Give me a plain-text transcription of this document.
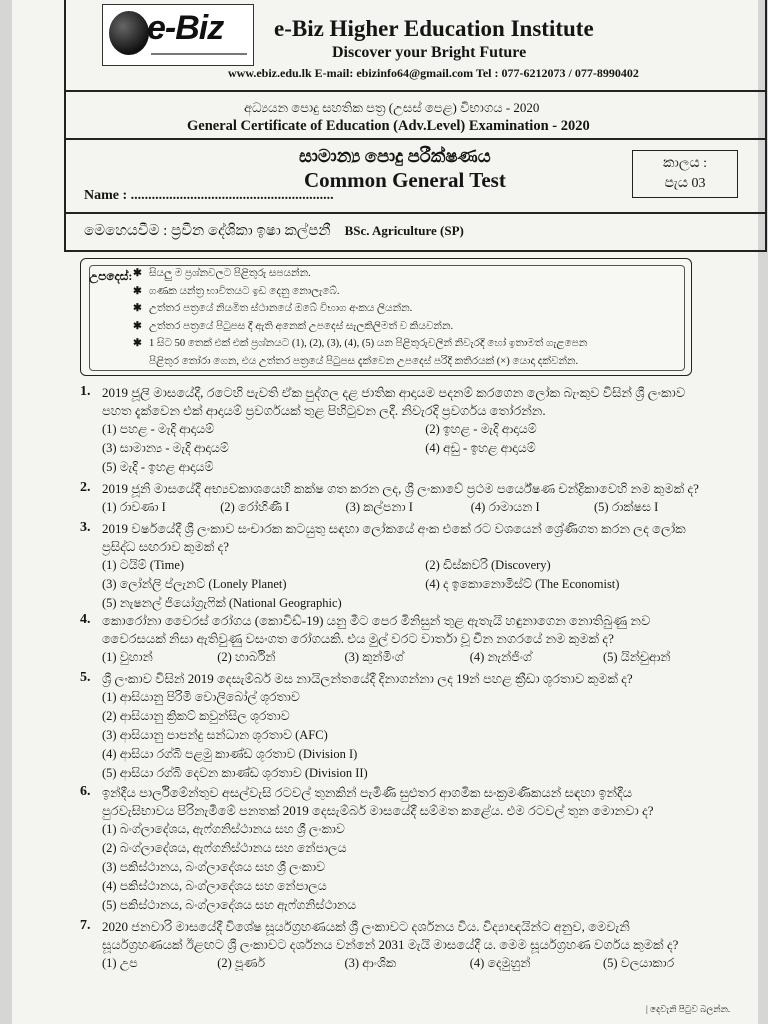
e-Biz e-Biz Higher Education Institute
Discover your Bright Future
www.ebiz.edu.lk E-mail: ebizinfo64@gmail.com Tel : 077-6212073 / 077-8990402
අධ්‍යයන පොදු සහතික පත්‍ර (උසස් පෙළ) විභාගය - 2020
General Certificate of Education (Adv.Level) Examination - 2020
සාමාන්‍ය පොදු පරීක්ෂණය
Common General Test
Name : ..........................................................
කාලය :
පැය 03
මෙහෙයවීම : ප්‍රවීන දේශිකා ඉෂා කල්පනී BSc. Agriculture (SP)
උපදෙස්: ✱ සියලු ම ප්‍රශ්නවලට පිළිතුරු සපයන්න.
✱ ගණක යන්ත්‍ර භාවිතයට ඉඩ දෙනු නොලැබේ.
✱ උත්තර පත්‍රයේ නියමිත ස්ථානයේ ඔබේ විභාග අංකය ලියන්න.
✱ උත්තර පත්‍රයේ පිටුපස දී ඇති අනෙක් උපදෙස් සැලකිලිමත් ව කියවන්න.
✱ 1 සිට 50 තෙක් එක් එක් ප්‍රශ්නයට (1), (2), (3), (4), (5) යන පිළිතුරුවලින් නිවැරදි හෝ ඉතාමත් ගැළපෙන
පිළිතුර තෝරා ගෙන, එය උත්තර පත්‍රයේ පිටුපස දැක්වෙන උපදෙස් පරිදි කතිරයක් (×) යොදා දක්වන්න.
1. 2019 ජූලි මාසයේදී, රටෙහි පැවති ඒක පුද්ගල දළ ජාතික ආදායම පදනම් කරගෙන ලෝක බැංකුව විසින් ශ්‍රී ලංකාව

පහත දැක්වෙන එක් ආදායම් ප්‍රවර්ගයක් තුළ පිහිටුවන ලදී. නිවැරදි ප්‍රවර්ගය තෝරන්න.

(1) පහළ - මැදි ආදායම්	(2) ඉහළ - මැදි ආදායම්
(3) සාමාන්‍ය - මැදි ආදායම්	(4) අඩු - ඉහළ ආදායම්
(5) මැදි - ඉහළ ආදායම්
2. 2019 ජූනි මාසයේදී අභ්‍යවකාශයෙහි කක්ෂ ගත කරන ලද, ශ්‍රී ලංකාවේ ප්‍රථම පර්යේෂණ චන්ද්‍රිකාවෙහි නම කුමක් ද?

(1) රාවණා I	(2) රෝහිණී I	(3) කල්පනා I	(4) රාමායන I	(5) රාක්ෂස I
3. 2019 වර්ෂයේදී ශ්‍රී ලංකාව සංචාරක කටයුතු සඳහා ලෝකයේ අංක එකේ රට වශයෙන් ශ්‍රේණිගත කරන ලද ලෝක

ප්‍රසිද්ධ සඟරාව කුමක් ද?

(1) ටයිම් (Time)	(2) ඩිස්කවරි (Discovery)
(3) ලෝන්ලි ප්ලැනට් (Lonely Planet)	(4) ද ඉකොනොමිස්ට් (The Economist)
(5) නැෂනල් ජියෝග්‍රැෆික් (National Geographic)
4. කොරෝනා වෛරස් රෝගය (කොවිඩ්-19) යනු මීට පෙර මිනිසුන් තුළ ඇතැයි හඳුනාගෙන නොතිබුණු නව

වෛරසයක් නිසා ඇතිවුණු වසංගත රෝගයකි. එය මුල් වරට වාර්තා වූ චීන නගරයේ නම කුමක් ද?

(1) වුහාන්	(2) හාර්බින්	(3) කුන්මිංග්	(4) නැන්ජිංග්	(5) යින්චුආන්
5. ශ්‍රී ලංකාව විසින් 2019 දෙසැම්බර් මස නායිලන්තයේදී දිනාගන්නා ලද 19න් පහළ ක්‍රීඩා ශූරතාව කුමක් ද?

(1) ආසියානු පිරිමි වොලිබෝල් ශූරතාව
(2) ආසියානු ක්‍රිකට් කවුන්සිල ශූරතාව
(3) ආසියානු පාපන්දු සන්ධාන ශූරතාව (AFC)
(4) ආසියා රග්බි පළමු කාණ්ඩ ශූරතාව (Division I)
(5) ආසියා රග්බි දෙවන කාණ්ඩ ශූරතාව (Division II)
6. ඉන්දීය පාර්ලිමේන්තුව අසල්වැසි රටවල් තුනකින් පැමිණි සුළුතර ආගමික සංක්‍රමණිකයන් සඳහා ඉන්දීය

පුරවැසිභාවය පිරිනැමීමේ පනතක් 2019 දෙසැම්බර් මාසයේදී සම්මත කළේය. එම රටවල් තුන මොනවා ද?

(1) බංග්ලාදේශය, ඇෆ්ගනිස්ථානය සහ ශ්‍රී ලංකාව
(2) බංග්ලාදේශය, ඇෆ්ගනිස්ථානය සහ නේපාලය
(3) පකිස්ථානය, බංග්ලාදේශය සහ ශ්‍රී ලංකාව
(4) පකිස්ථානය, බංග්ලාදේශය සහ නේපාලය
(5) පකිස්ථානය, බංග්ලාදේශය සහ ඇෆ්ගනිස්ථානය
7. 2020 ජනවාරි මාසයේදී විශේෂ සූර්යග්‍රහණයක් ශ්‍රී ලංකාවට දර්ශනය විය. විද්‍යාඥයින්ට අනුව, මෙවැනි

සූර්යග්‍රහණයක් ඊළඟට ශ්‍රී ලංකාවට දර්ශනය වන්නේ 2031 මැයි මාසයේදී ය. මෙම සූර්යග්‍රහණ වර්ගය කුමක් ද?

(1) උප	(2) පූර්ණ	(3) ආංශික	(4) දෙමුහුන්	(5) වලයාකාර
| දෙවැනි පිටුව බලන්න.
